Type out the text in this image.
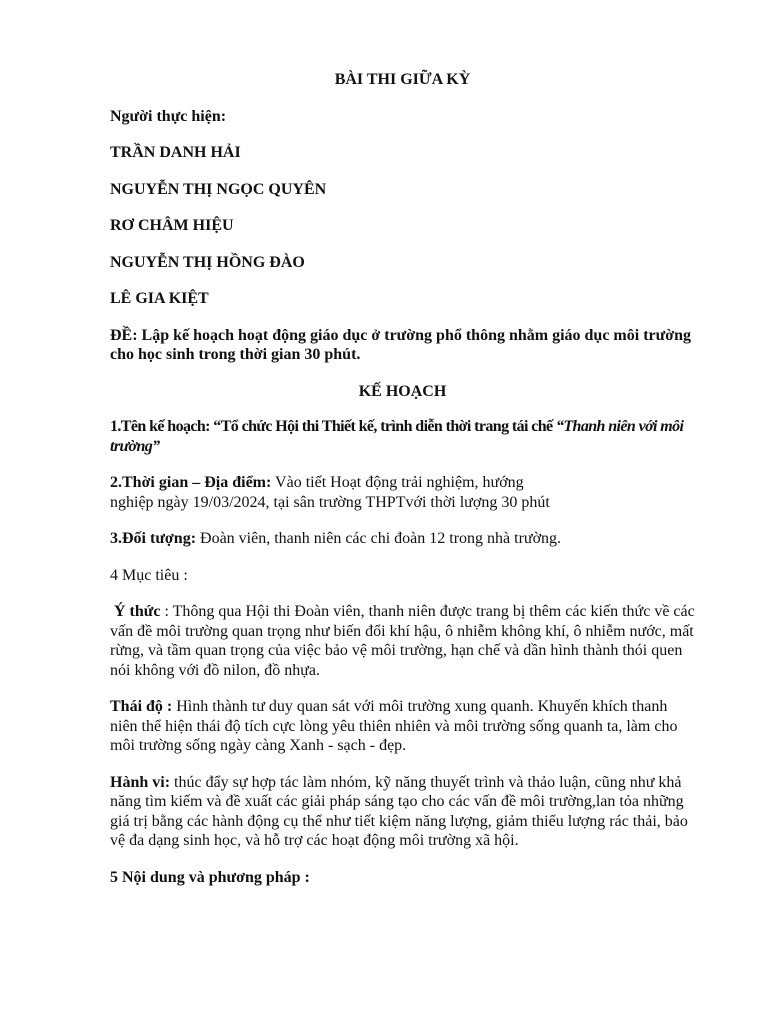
BÀI THI GIỮA KỲ

Người thực hiện:

TRẦN DANH HẢI

NGUYỄN THỊ NGỌC QUYÊN

RƠ CHÂM HIỆU

NGUYỄN THỊ HỒNG ĐÀO

LÊ GIA KIỆT

ĐỀ: Lập kế hoạch hoạt động giáo dục ở trường phổ thông nhằm giáo dục môi trường cho học sinh trong thời gian 30 phút.

KẾ HOẠCH

1.Tên kế hoạch: “Tổ chức Hội thi Thiết kế, trình diễn thời trang tái chế “Thanh niên với môi trường”

2.Thời gian – Địa điểm: Vào tiết Hoạt động trải nghiệm, hướng
nghiệp ngày 19/03/2024, tại sân trường THPTvới thời lượng 30 phút

3.Đối tượng: Đoàn viên, thanh niên các chi đoàn 12 trong nhà trường.

4 Mục tiêu :

Ý thức : Thông qua Hội thi Đoàn viên, thanh niên được trang bị thêm các kiến thức về các vấn đề môi trường quan trọng như biến đổi khí hậu, ô nhiễm không khí, ô nhiễm nước, mất rừng, và tầm quan trọng của việc bảo vệ môi trường, hạn chế và dần hình thành thói quen nói không với đồ nilon, đồ nhựa.

Thái độ : Hình thành tư duy quan sát với môi trường xung quanh. Khuyến khích thanh niên thể hiện thái độ tích cực lòng yêu thiên nhiên và môi trường sống quanh ta, làm cho môi trường sống ngày càng Xanh - sạch - đẹp.

Hành vi: thúc đẩy sự hợp tác làm nhóm, kỹ năng thuyết trình và thảo luận, cũng như khả năng tìm kiếm và đề xuất các giải pháp sáng tạo cho các vấn đề môi trường,lan tỏa những giá trị bằng các hành động cụ thể như tiết kiệm năng lượng, giảm thiểu lượng rác thải, bảo vệ đa dạng sinh học, và hỗ trợ các hoạt động môi trường xã hội.

5 Nội dung và phương pháp :
